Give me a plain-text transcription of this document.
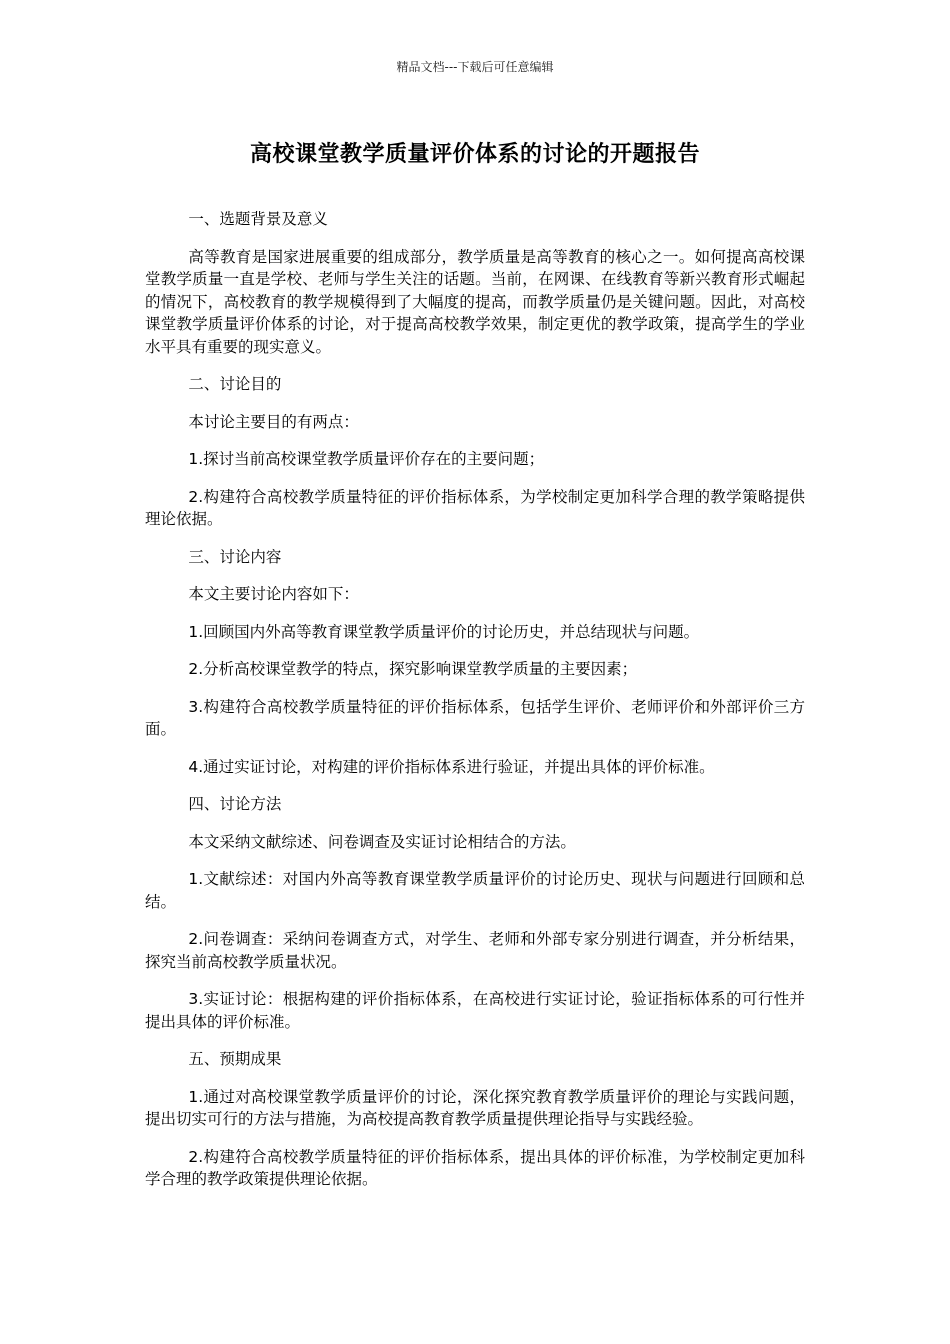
精品文档---下载后可任意编辑
高校课堂教学质量评价体系的讨论的开题报告

一、选题背景及意义

高等教育是国家进展重要的组成部分，教学质量是高等教育的核心之一。如何提高高校课堂教学质量一直是学校、老师与学生关注的话题。当前，在网课、在线教育等新兴教育形式崛起的情况下，高校教育的教学规模得到了大幅度的提高，而教学质量仍是关键问题。因此，对高校课堂教学质量评价体系的讨论，对于提高高校教学效果，制定更优的教学政策，提高学生的学业水平具有重要的现实意义。

二、讨论目的

本讨论主要目的有两点：

1.探讨当前高校课堂教学质量评价存在的主要问题；

2.构建符合高校教学质量特征的评价指标体系，为学校制定更加科学合理的教学策略提供理论依据。

三、讨论内容

本文主要讨论内容如下：

1.回顾国内外高等教育课堂教学质量评价的讨论历史，并总结现状与问题。

2.分析高校课堂教学的特点，探究影响课堂教学质量的主要因素；

3.构建符合高校教学质量特征的评价指标体系，包括学生评价、老师评价和外部评价三方面。

4.通过实证讨论，对构建的评价指标体系进行验证，并提出具体的评价标准。

四、讨论方法

本文采纳文献综述、问卷调查及实证讨论相结合的方法。

1.文献综述：对国内外高等教育课堂教学质量评价的讨论历史、现状与问题进行回顾和总结。

2.问卷调查：采纳问卷调查方式，对学生、老师和外部专家分别进行调查，并分析结果，探究当前高校教学质量状况。

3.实证讨论：根据构建的评价指标体系，在高校进行实证讨论，验证指标体系的可行性并提出具体的评价标准。

五、预期成果

1.通过对高校课堂教学质量评价的讨论，深化探究教育教学质量评价的理论与实践问题，提出切实可行的方法与措施，为高校提高教育教学质量提供理论指导与实践经验。

2.构建符合高校教学质量特征的评价指标体系，提出具体的评价标准，为学校制定更加科学合理的教学政策提供理论依据。
